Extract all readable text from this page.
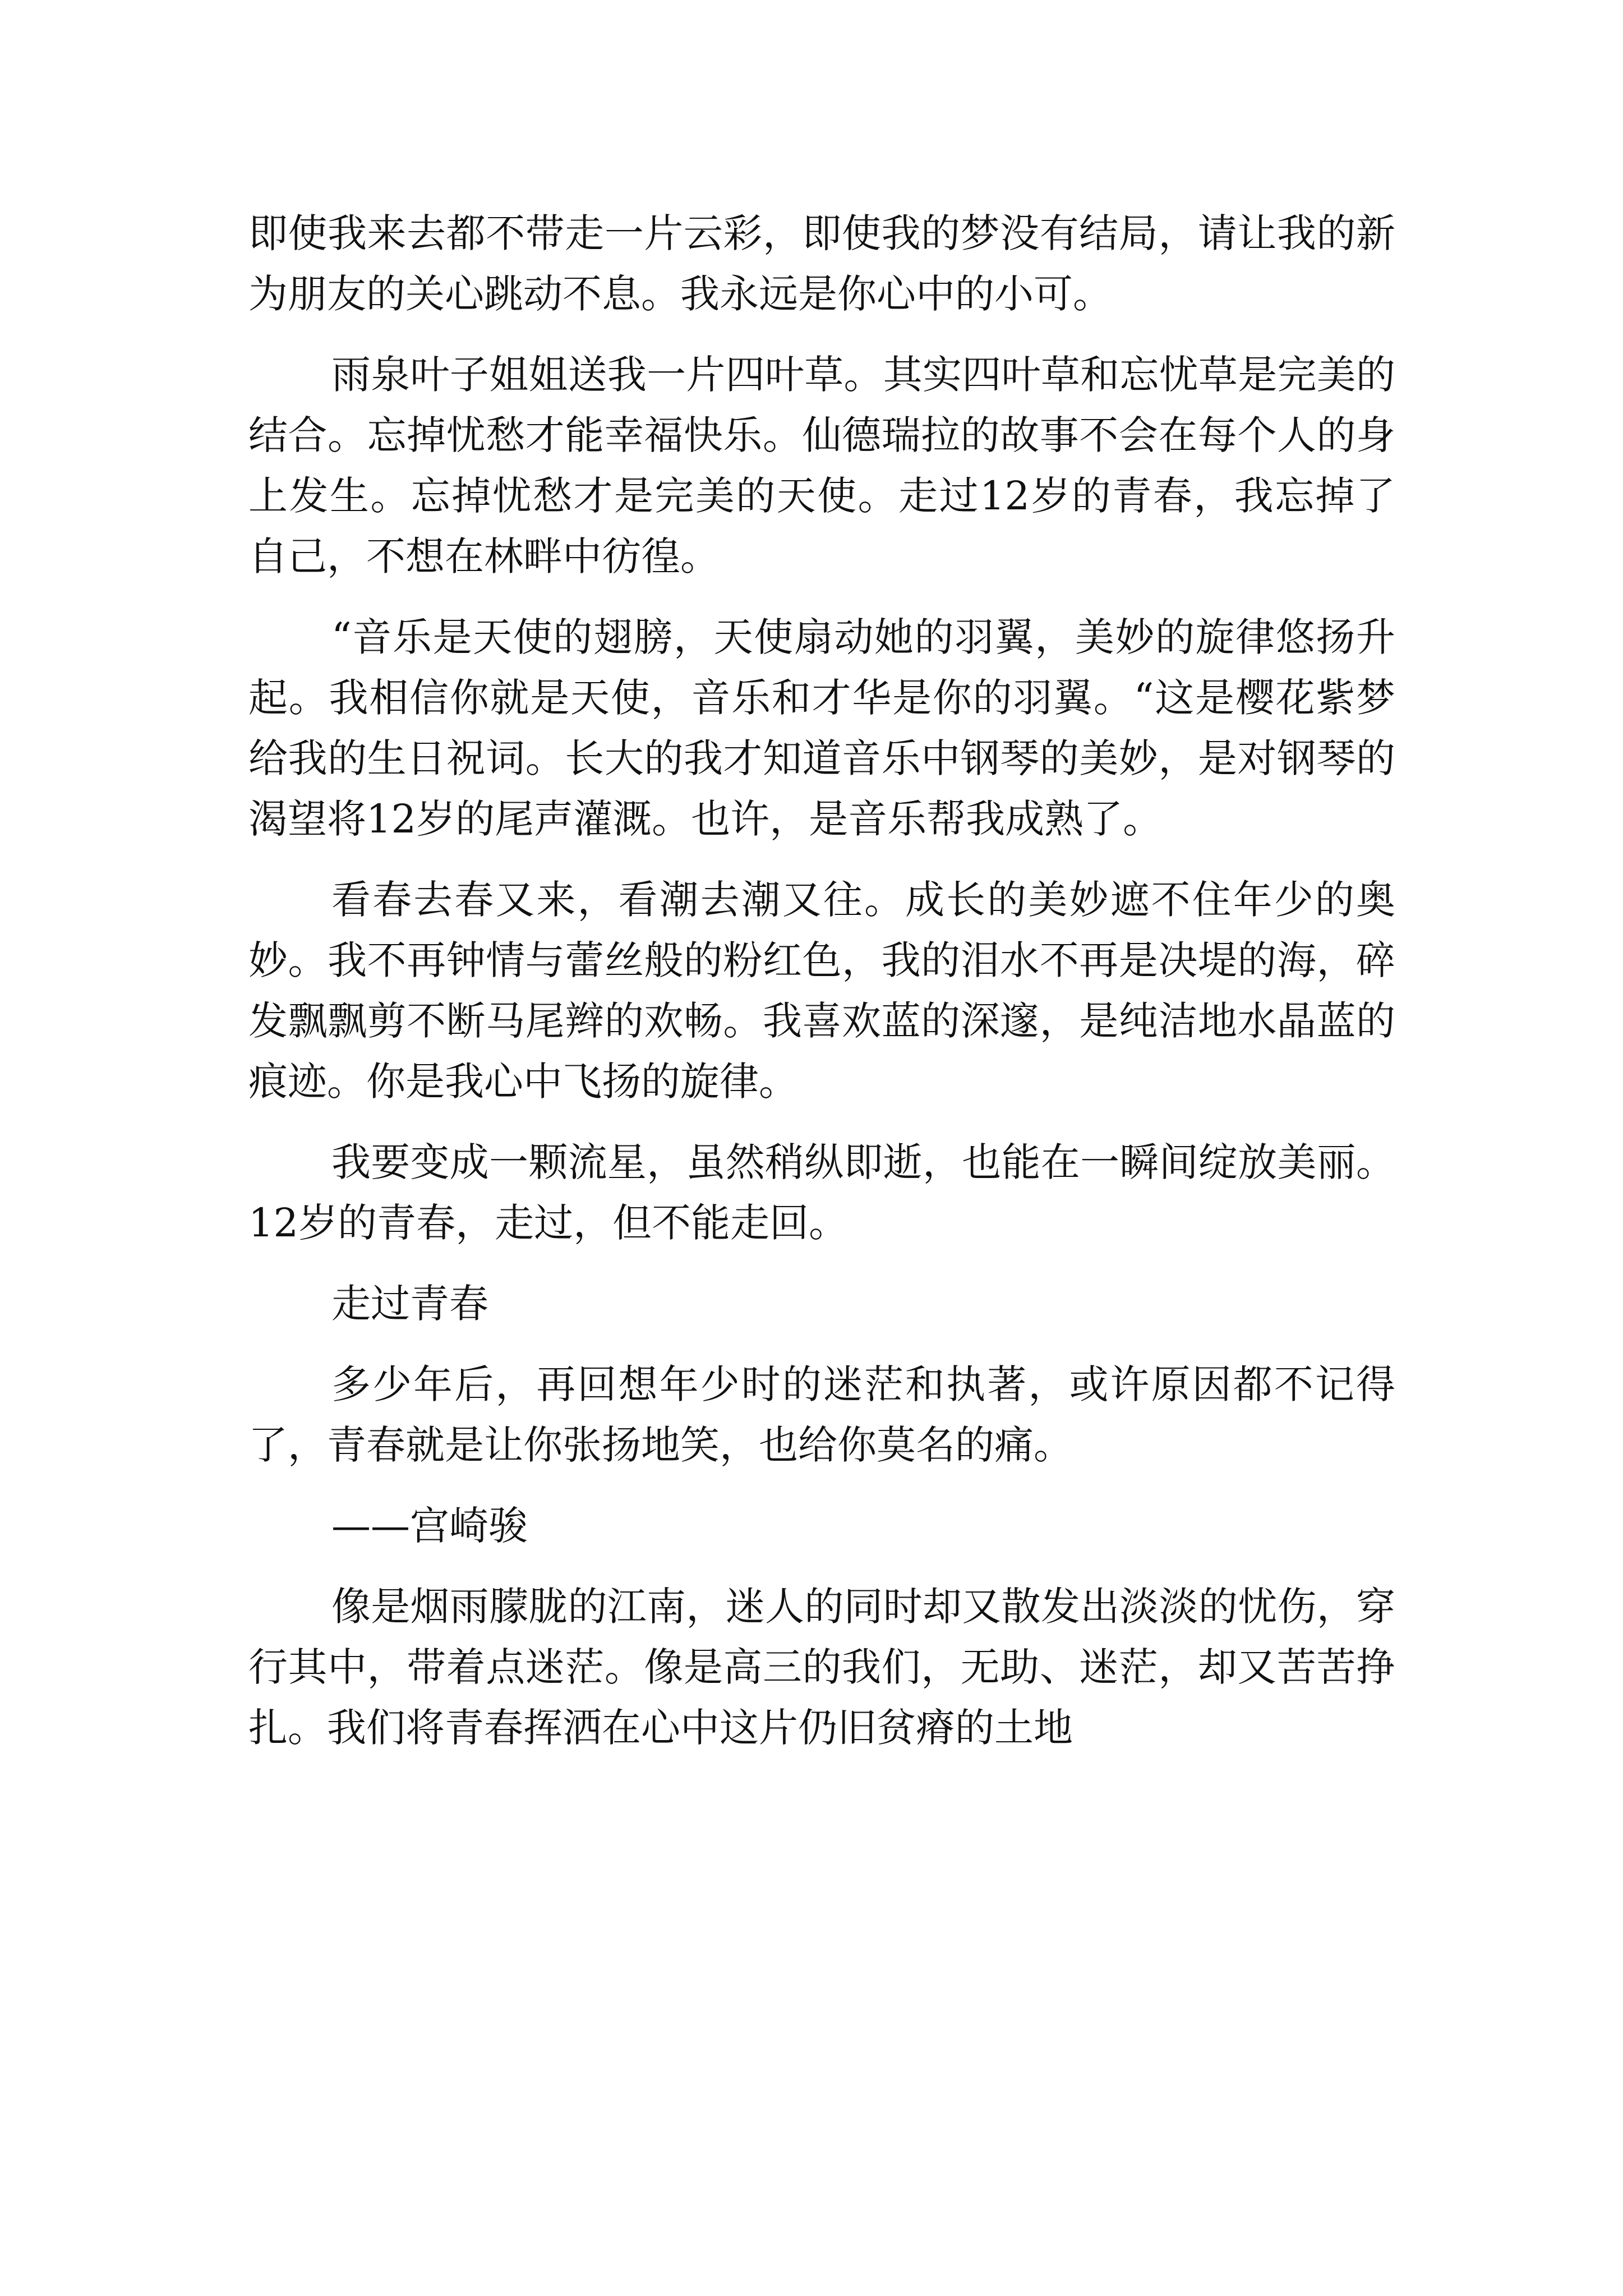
即使我来去都不带走一片云彩，即使我的梦没有结局，请让我的新为朋友的关心跳动不息。我永远是你心中的小可。

雨泉叶子姐姐送我一片四叶草。其实四叶草和忘忧草是完美的结合。忘掉忧愁才能幸福快乐。仙德瑞拉的故事不会在每个人的身上发生。忘掉忧愁才是完美的天使。走过12岁的青春，我忘掉了自己，不想在林畔中彷徨。

“音乐是天使的翅膀，天使扇动她的羽翼，美妙的旋律悠扬升起。我相信你就是天使，音乐和才华是你的羽翼。“这是樱花紫梦给我的生日祝词。长大的我才知道音乐中钢琴的美妙，是对钢琴的渴望将12岁的尾声灌溉。也许，是音乐帮我成熟了。

看春去春又来，看潮去潮又往。成长的美妙遮不住年少的奥妙。我不再钟情与蕾丝般的粉红色，我的泪水不再是决堤的海，碎发飘飘剪不断马尾辫的欢畅。我喜欢蓝的深邃，是纯洁地水晶蓝的痕迹。你是我心中飞扬的旋律。

我要变成一颗流星，虽然稍纵即逝，也能在一瞬间绽放美丽。12岁的青春，走过，但不能走回。

走过青春

多少年后，再回想年少时的迷茫和执著，或许原因都不记得了，青春就是让你张扬地笑，也给你莫名的痛。

——宫崎骏

像是烟雨朦胧的江南，迷人的同时却又散发出淡淡的忧伤，穿行其中，带着点迷茫。像是高三的我们，无助、迷茫，却又苦苦挣扎。我们将青春挥洒在心中这片仍旧贫瘠的土地
